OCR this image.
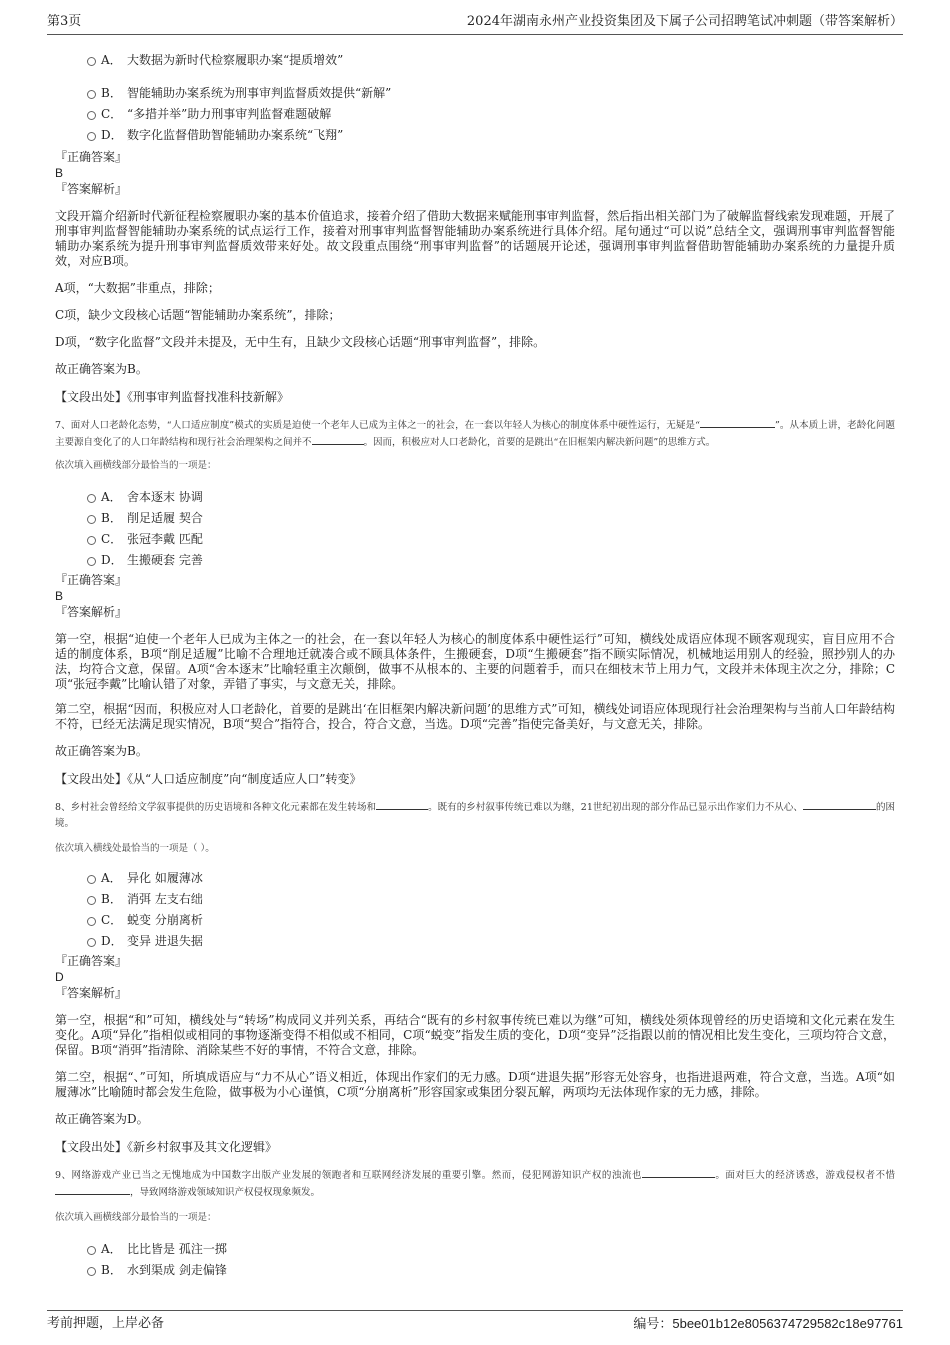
第3页	2024年湖南永州产业投资集团及下属子公司招聘笔试冲刺题（带答案解析）
A． 大数据为新时代检察履职办案“提质增效”
B． 智能辅助办案系统为刑事审判监督质效提供“新解”
C． “多措并举”助力刑事审判监督难题破解
D． 数字化监督借助智能辅助办案系统“飞翔”
『正确答案』
B
『答案解析』

文段开篇介绍新时代新征程检察履职办案的基本价值追求，接着介绍了借助大数据来赋能刑事审判监督，然后指出相关部门为了破解监督线索发现难题，开展了刑事审判监督智能辅助办案系统的试点运行工作，接着对刑事审判监督智能辅助办案系统进行具体介绍。尾句通过“可以说”总结全文，强调刑事审判监督智能辅助办案系统为提升刑事审判监督质效带来好处。故文段重点围绕“刑事审判监督”的话题展开论述，强调刑事审判监督借助智能辅助办案系统的力量提升质效，对应B项。

A项，“大数据”非重点，排除；

C项，缺少文段核心话题“智能辅助办案系统”，排除；

D项，“数字化监督”文段并未提及，无中生有，且缺少文段核心话题“刑事审判监督”，排除。

故正确答案为B。

【文段出处】《刑事审判监督找准科技新解》

7、面对人口老龄化态势，“人口适应制度”模式的实质是迫使一个老年人已成为主体之一的社会，在一套以年轻人为核心的制度体系中硬性运行，无疑是“	”。从本质上讲，老龄化问题主要源自变化了的人口年龄结构和现行社会治理架构之间并不	。因而，积极应对人口老龄化，首要的是跳出“在旧框架内解决新问题”的思维方式。

依次填入画横线部分最恰当的一项是：

A． 舍本逐末 协调
B． 削足适履 契合
C． 张冠李戴 匹配
D． 生搬硬套 完善
『正确答案』
B
『答案解析』

第一空，根据“迫使一个老年人已成为主体之一的社会，在一套以年轻人为核心的制度体系中硬性运行”可知，横线处成语应体现不顾客观现实，盲目应用不合适的制度体系，B项“削足适履”比喻不合理地迁就凑合或不顾具体条件，生搬硬套，D项“生搬硬套”指不顾实际情况，机械地运用别人的经验，照抄别人的办法，均符合文意，保留。A项“舍本逐末”比喻轻重主次颠倒，做事不从根本的、主要的问题着手，而只在细枝末节上用力气，文段并未体现主次之分，排除；C项“张冠李戴”比喻认错了对象，弄错了事实，与文意无关，排除。

第二空，根据“因而，积极应对人口老龄化，首要的是跳出‘在旧框架内解决新问题’的思维方式”可知，横线处词语应体现现行社会治理架构与当前人口年龄结构不符，已经无法满足现实情况，B项“契合”指符合，投合，符合文意，当选。D项“完善”指使完备美好，与文意无关，排除。

故正确答案为B。

【文段出处】《从“人口适应制度”向“制度适应人口”转变》

8、乡村社会曾经给文学叙事提供的历史语境和各种文化元素都在发生转场和	。既有的乡村叙事传统已难以为继，21世纪初出现的部分作品已显示出作家们力不从心、	的困境。

依次填入横线处最恰当的一项是（ ）。

A． 异化 如履薄冰
B． 消弭 左支右绌
C． 蜕变 分崩离析
D． 变异 进退失据
『正确答案』
D
『答案解析』

第一空，根据“和”可知，横线处与“转场”构成同义并列关系，再结合“既有的乡村叙事传统已难以为继”可知，横线处须体现曾经的历史语境和文化元素在发生变化。A项“异化”指相似或相同的事物逐渐变得不相似或不相同，C项“蜕变”指发生质的变化，D项“变异”泛指跟以前的情况相比发生变化，三项均符合文意，保留。B项“消弭”指清除、消除某些不好的事情，不符合文意，排除。

第二空，根据“、”可知，所填成语应与“力不从心”语义相近，体现出作家们的无力感。D项“进退失据”形容无处容身，也指进退两难，符合文意，当选。A项“如履薄冰”比喻随时都会发生危险，做事极为小心谨慎，C项“分崩离析”形容国家或集团分裂瓦解，两项均无法体现作家的无力感，排除。

故正确答案为D。

【文段出处】《新乡村叙事及其文化逻辑》

9、网络游戏产业已当之无愧地成为中国数字出版产业发展的领跑者和互联网经济发展的重要引擎。然而，侵犯网游知识产权的浊流也	。面对巨大的经济诱惑，游戏侵权者不惜，导致网络游戏领域知识产权侵权现象频发。

依次填入画横线部分最恰当的一项是：

A． 比比皆是 孤注一掷
B． 水到渠成 剑走偏锋
考前押题，上岸必备	编号：5bee01b12e8056374729582c18e97761
